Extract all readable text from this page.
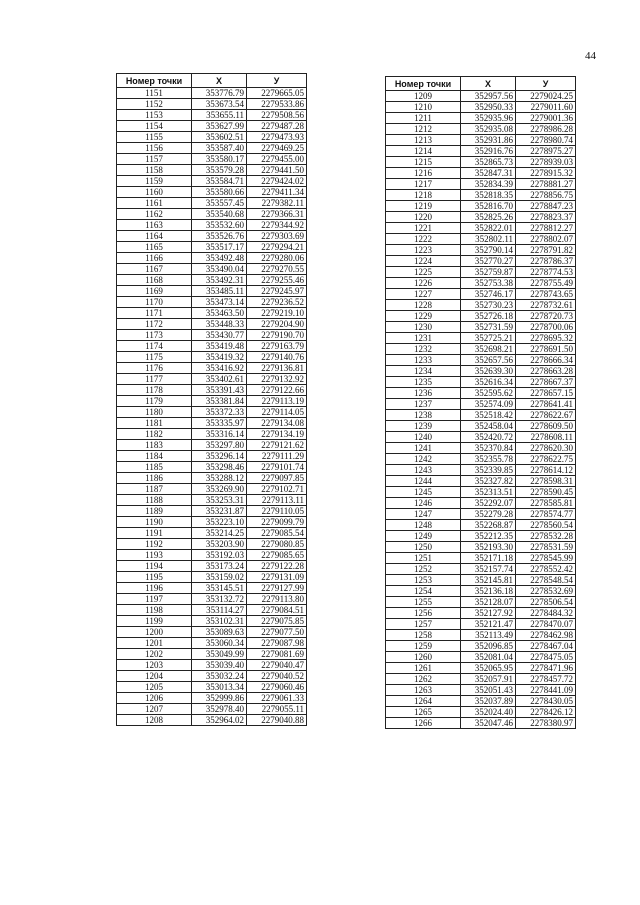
44
Номер точки	X	У
1151	353776.79	2279665.05
1152	353673.54	2279533.86
1153	353655.11	2279508.56
1154	353627.99	2279487.28
1155	353602.51	2279473.93
1156	353587.40	2279469.25
1157	353580.17	2279455.00
1158	353579.28	2279441.50
1159	353584.71	2279424.02
1160	353580.66	2279411.34
1161	353557.45	2279382.11
1162	353540.68	2279366.31
1163	353532.60	2279344.92
1164	353526.76	2279303.69
1165	353517.17	2279294.21
1166	353492.48	2279280.06
1167	353490.04	2279270.55
1168	353492.31	2279255.46
1169	353485.11	2279245.97
1170	353473.14	2279236.52
1171	353463.50	2279219.10
1172	353448.33	2279204.90
1173	353430.77	2279190.70
1174	353419.48	2279163.79
1175	353419.32	2279140.76
1176	353416.92	2279136.81
1177	353402.61	2279132.92
1178	353391.43	2279122.66
1179	353381.84	2279113.19
1180	353372.33	2279114.05
1181	353335.97	2279134.08
1182	353316.14	2279134.19
1183	353297.80	2279121.62
1184	353296.14	2279111.29
1185	353298.46	2279101.74
1186	353288.12	2279097.85
1187	353269.90	2279102.71
1188	353253.31	2279113.11
1189	353231.87	2279110.05
1190	353223.10	2279099.79
1191	353214.25	2279085.54
1192	353203.90	2279080.85
1193	353192.03	2279085.65
1194	353173.24	2279122.28
1195	353159.02	2279131.09
1196	353145.51	2279127.99
1197	353132.72	2279113.80
1198	353114.27	2279084.51
1199	353102.31	2279075.85
1200	353089.63	2279077.50
1201	353060.34	2279087.98
1202	353049.99	2279081.69
1203	353039.40	2279040.47
1204	353032.24	2279040.52
1205	353013.34	2279060.46
1206	352999.86	2279061.33
1207	352978.40	2279055.11
1208	352964.02	2279040.88
Номер точки	X	У
1209	352957.56	2279024.25
1210	352950.33	2279011.60
1211	352935.96	2279001.36
1212	352935.08	2278986.28
1213	352931.86	2278980.74
1214	352916.76	2278975.27
1215	352865.73	2278939.03
1216	352847.31	2278915.32
1217	352834.39	2278881.27
1218	352818.35	2278856.75
1219	352816.70	2278847.23
1220	352825.26	2278823.37
1221	352822.01	2278812.27
1222	352802.11	2278802.07
1223	352790.14	2278791.82
1224	352770.27	2278786.37
1225	352759.87	2278774.53
1226	352753.38	2278755.49
1227	352746.17	2278743.65
1228	352730.23	2278732.61
1229	352726.18	2278720.73
1230	352731.59	2278700.06
1231	352725.21	2278695.32
1232	352698.21	2278691.50
1233	352657.56	2278666.34
1234	352639.30	2278663.28
1235	352616.34	2278667.37
1236	352595.62	2278657.15
1237	352574.09	2278641.41
1238	352518.42	2278622.67
1239	352458.04	2278609.50
1240	352420.72	2278608.11
1241	352370.84	2278620.30
1242	352355.78	2278622.75
1243	352339.85	2278614.12
1244	352327.82	2278598.31
1245	352313.51	2278590.45
1246	352292.07	2278585.81
1247	352279.28	2278574.77
1248	352268.87	2278560.54
1249	352212.35	2278532.28
1250	352193.30	2278531.59
1251	352171.18	2278545.99
1252	352157.74	2278552.42
1253	352145.81	2278548.54
1254	352136.18	2278532.69
1255	352128.07	2278506.54
1256	352127.92	2278484.32
1257	352121.47	2278470.07
1258	352113.49	2278462.98
1259	352096.85	2278467.04
1260	352081.04	2278475.05
1261	352065.95	2278471.96
1262	352057.91	2278457.72
1263	352051.43	2278441.09
1264	352037.89	2278430.05
1265	352024.40	2278426.12
1266	352047.46	2278380.97
